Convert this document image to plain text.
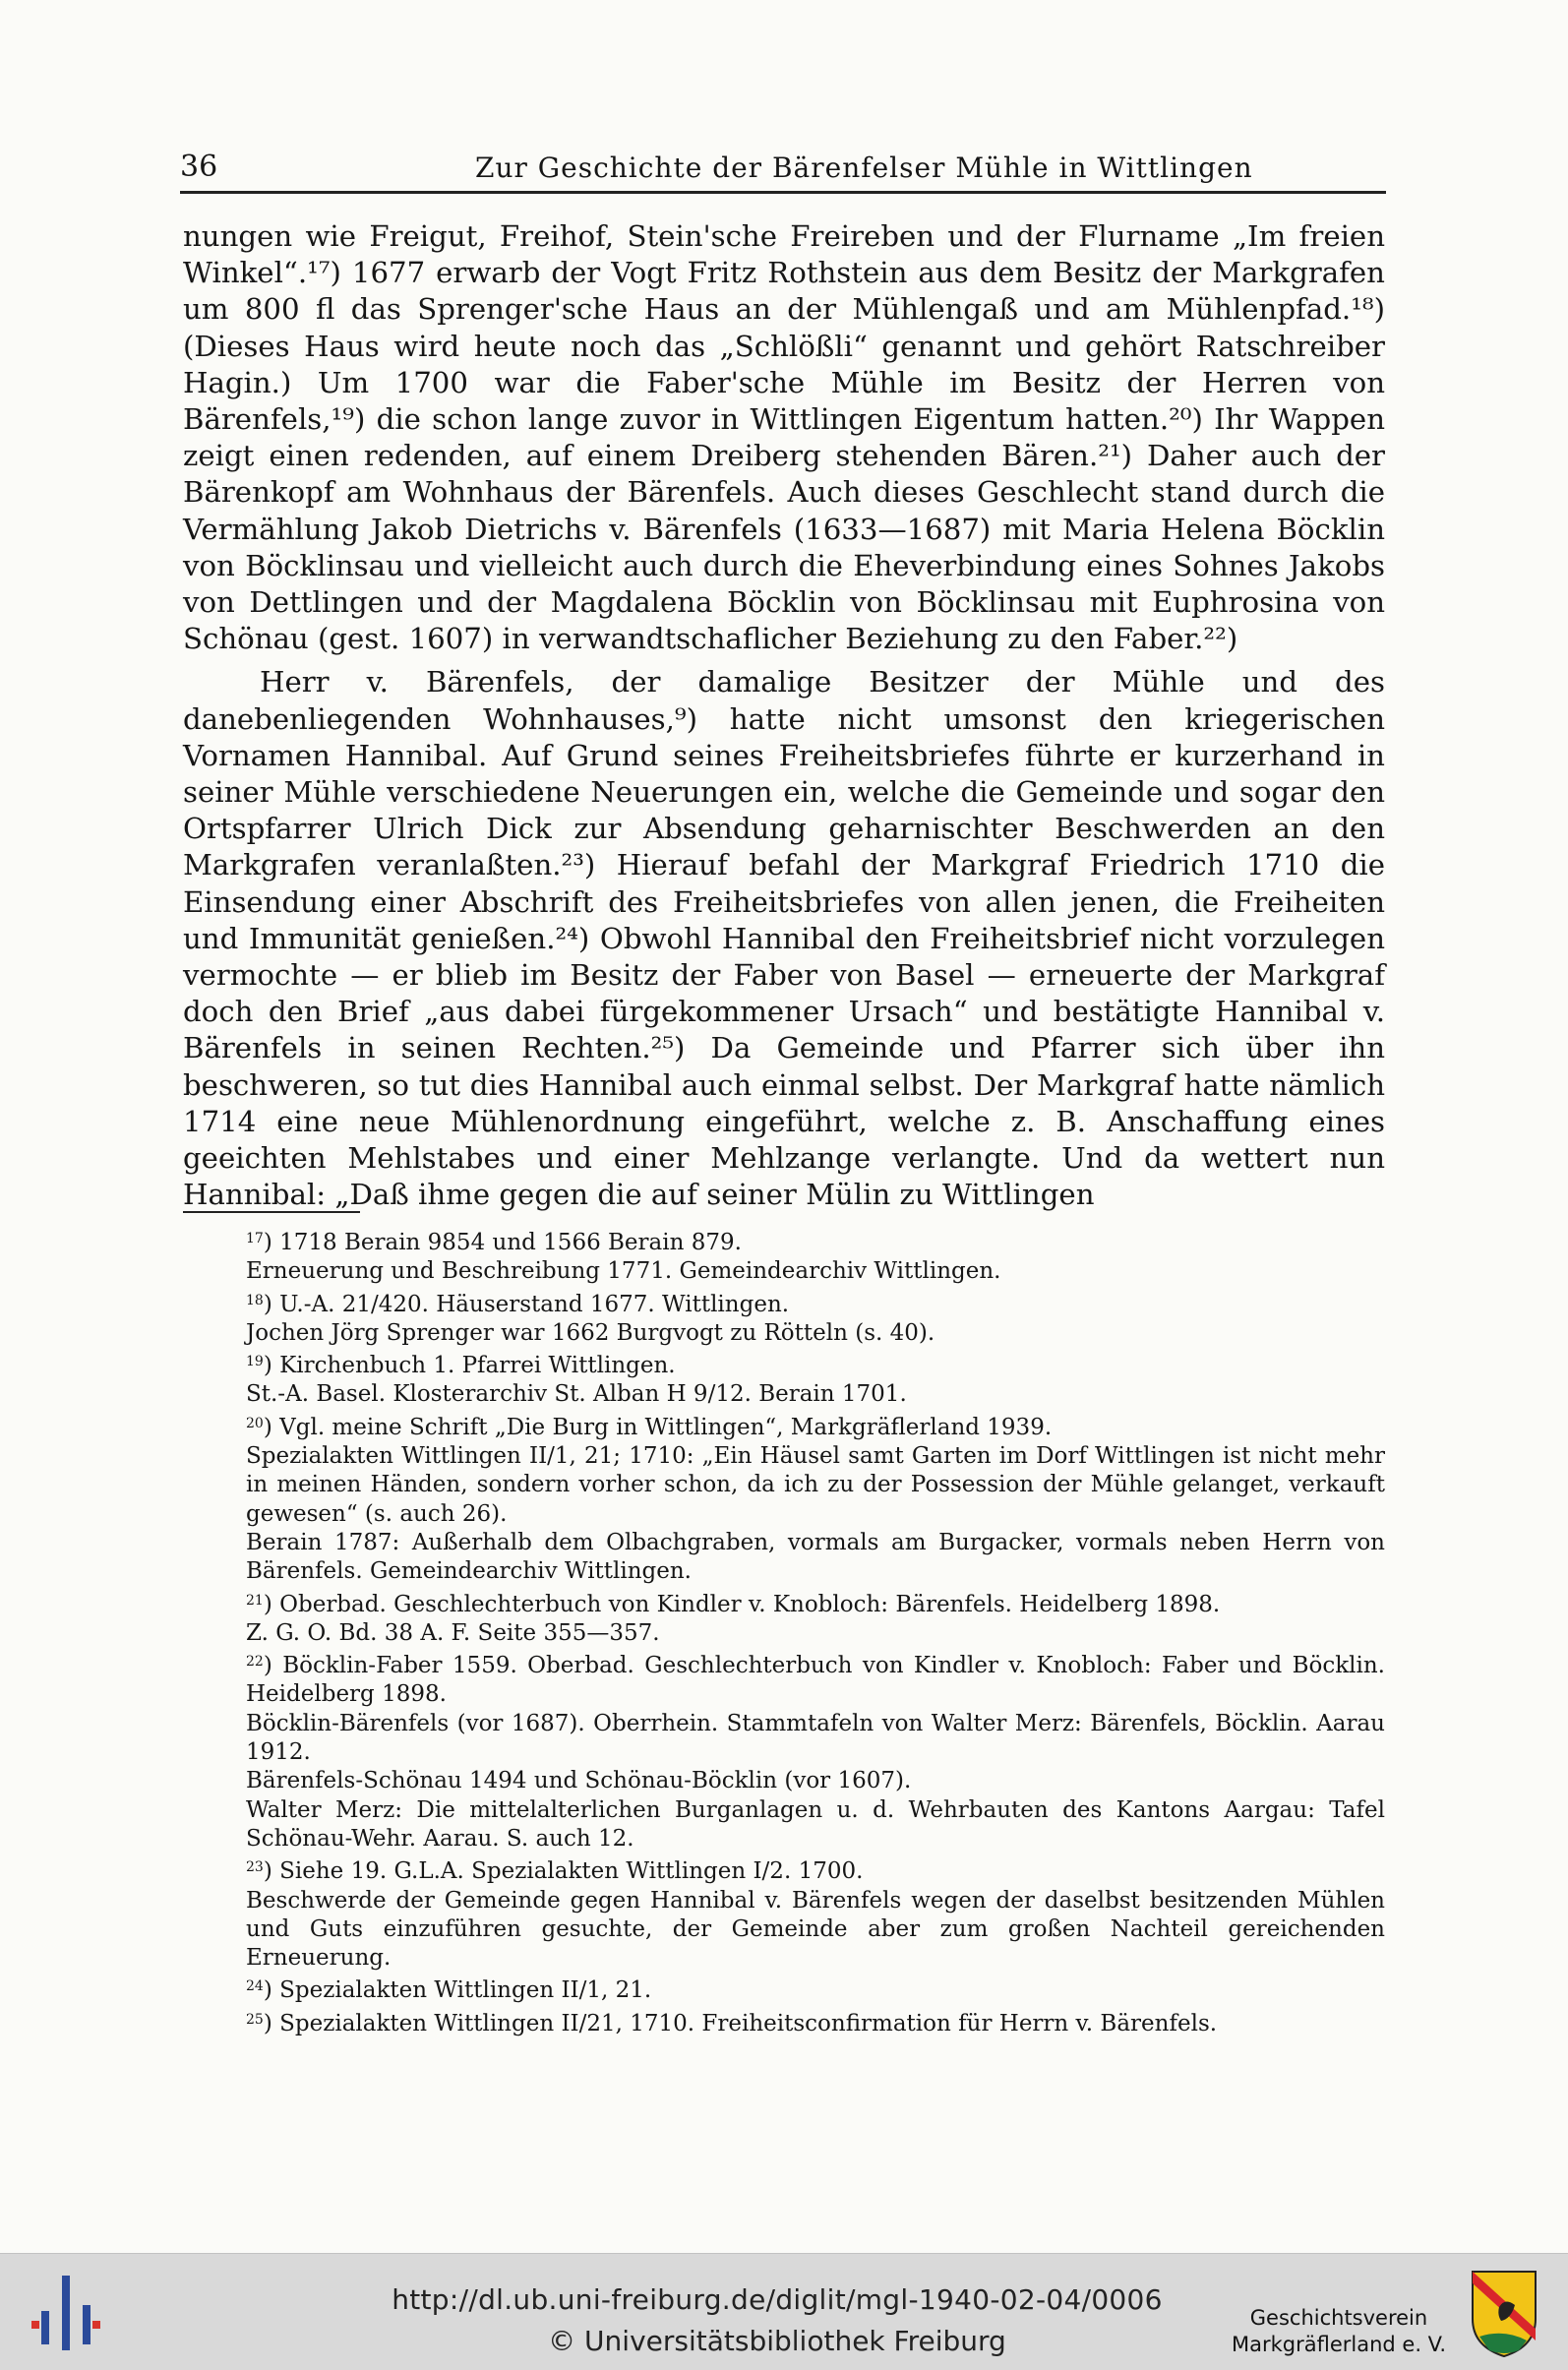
36	Zur Geschichte der Bärenfelser Mühle in Wittlingen

nungen wie Freigut, Freihof, Stein'sche Freireben und der Flurname „Im freien Winkel“.¹⁷) 1677 erwarb der Vogt Fritz Rothstein aus dem Besitz der Markgrafen um 800 fl das Sprenger'sche Haus an der Mühlengaß und am Mühlenpfad.¹⁸) (Dieses Haus wird heute noch das „Schlößli“ genannt und gehört Ratschreiber Hagin.) Um 1700 war die Faber'sche Mühle im Besitz der Herren von Bärenfels,¹⁹) die schon lange zuvor in Wittlingen Eigentum hatten.²⁰) Ihr Wappen zeigt einen redenden, auf einem Dreiberg stehenden Bären.²¹) Daher auch der Bärenkopf am Wohnhaus der Bärenfels. Auch dieses Geschlecht stand durch die Vermählung Jakob Dietrichs v. Bärenfels (1633—1687) mit Maria Helena Böcklin von Böcklinsau und vielleicht auch durch die Eheverbindung eines Sohnes Jakobs von Dettlingen und der Magdalena Böcklin von Böcklinsau mit Euphrosina von Schönau (gest. 1607) in verwandtschaflicher Beziehung zu den Faber.²²)

Herr v. Bärenfels, der damalige Besitzer der Mühle und des danebenliegenden Wohnhauses,⁹) hatte nicht umsonst den kriegerischen Vornamen Hannibal. Auf Grund seines Freiheitsbriefes führte er kurzerhand in seiner Mühle verschiedene Neuerungen ein, welche die Gemeinde und sogar den Ortspfarrer Ulrich Dick zur Absendung geharnischter Beschwerden an den Markgrafen veranlaßten.²³) Hierauf befahl der Markgraf Friedrich 1710 die Einsendung einer Abschrift des Freiheitsbriefes von allen jenen, die Freiheiten und Immunität genießen.²⁴) Obwohl Hannibal den Freiheitsbrief nicht vorzulegen vermochte — er blieb im Besitz der Faber von Basel — erneuerte der Markgraf doch den Brief „aus dabei fürgekommener Ursach“ und bestätigte Hannibal v. Bärenfels in seinen Rechten.²⁵) Da Gemeinde und Pfarrer sich über ihn beschweren, so tut dies Hannibal auch einmal selbst. Der Markgraf hatte nämlich 1714 eine neue Mühlenordnung eingeführt, welche z. B. Anschaffung eines geeichten Mehlstabes und einer Mehlzange verlangte. Und da wettert nun Hannibal: „Daß ihme gegen die auf seiner Mülin zu Wittlingen

$^{17}$) 1718 Berain 9854 und 1566 Berain 879.
Erneuerung und Beschreibung 1771. Gemeindearchiv Wittlingen.
$^{18}$) U.-A. 21/420. Häuserstand 1677. Wittlingen.
Jochen Jörg Sprenger war 1662 Burgvogt zu Rötteln (s. 40).
$^{19}$) Kirchenbuch 1. Pfarrei Wittlingen.
St.-A. Basel. Klosterarchiv St. Alban H 9/12. Berain 1701.
$^{20}$) Vgl. meine Schrift „Die Burg in Wittlingen“, Markgräflerland 1939.
Spezialakten Wittlingen II/1, 21; 1710: „Ein Häusel samt Garten im Dorf Wittlingen ist nicht mehr in meinen Händen, sondern vorher schon, da ich zu der Possession der Mühle gelanget, verkauft gewesen“ (s. auch 26).
Berain 1787: Außerhalb dem Olbachgraben, vormals am Burgacker, vormals neben Herrn von Bärenfels. Gemeindearchiv Wittlingen.
$^{21}$) Oberbad. Geschlechterbuch von Kindler v. Knobloch: Bärenfels. Heidelberg 1898.
Z. G. O. Bd. 38 A. F. Seite 355—357.
$^{22}$) Böcklin-Faber 1559. Oberbad. Geschlechterbuch von Kindler v. Knobloch: Faber und Böcklin. Heidelberg 1898.
Böcklin-Bärenfels (vor 1687). Oberrhein. Stammtafeln von Walter Merz: Bärenfels, Böcklin. Aarau 1912.
Bärenfels-Schönau 1494 und Schönau-Böcklin (vor 1607).
Walter Merz: Die mittelalterlichen Burganlagen u. d. Wehrbauten des Kantons Aargau: Tafel Schönau-Wehr. Aarau. S. auch 12.
$^{23}$) Siehe 19. G.L.A. Spezialakten Wittlingen I/2. 1700.
Beschwerde der Gemeinde gegen Hannibal v. Bärenfels wegen der daselbst besitzenden Mühlen und Guts einzuführen gesuchte, der Gemeinde aber zum großen Nachteil gereichenden Erneuerung.
$^{24}$) Spezialakten Wittlingen II/1, 21.
$^{25}$) Spezialakten Wittlingen II/21, 1710. Freiheitsconfirmation für Herrn v. Bärenfels.
http://dl.ub.uni-freiburg.de/diglit/mgl-1940-02-04/0006
© Universitätsbibliothek Freiburg
Geschichtsverein
Markgräflerland e. V.
